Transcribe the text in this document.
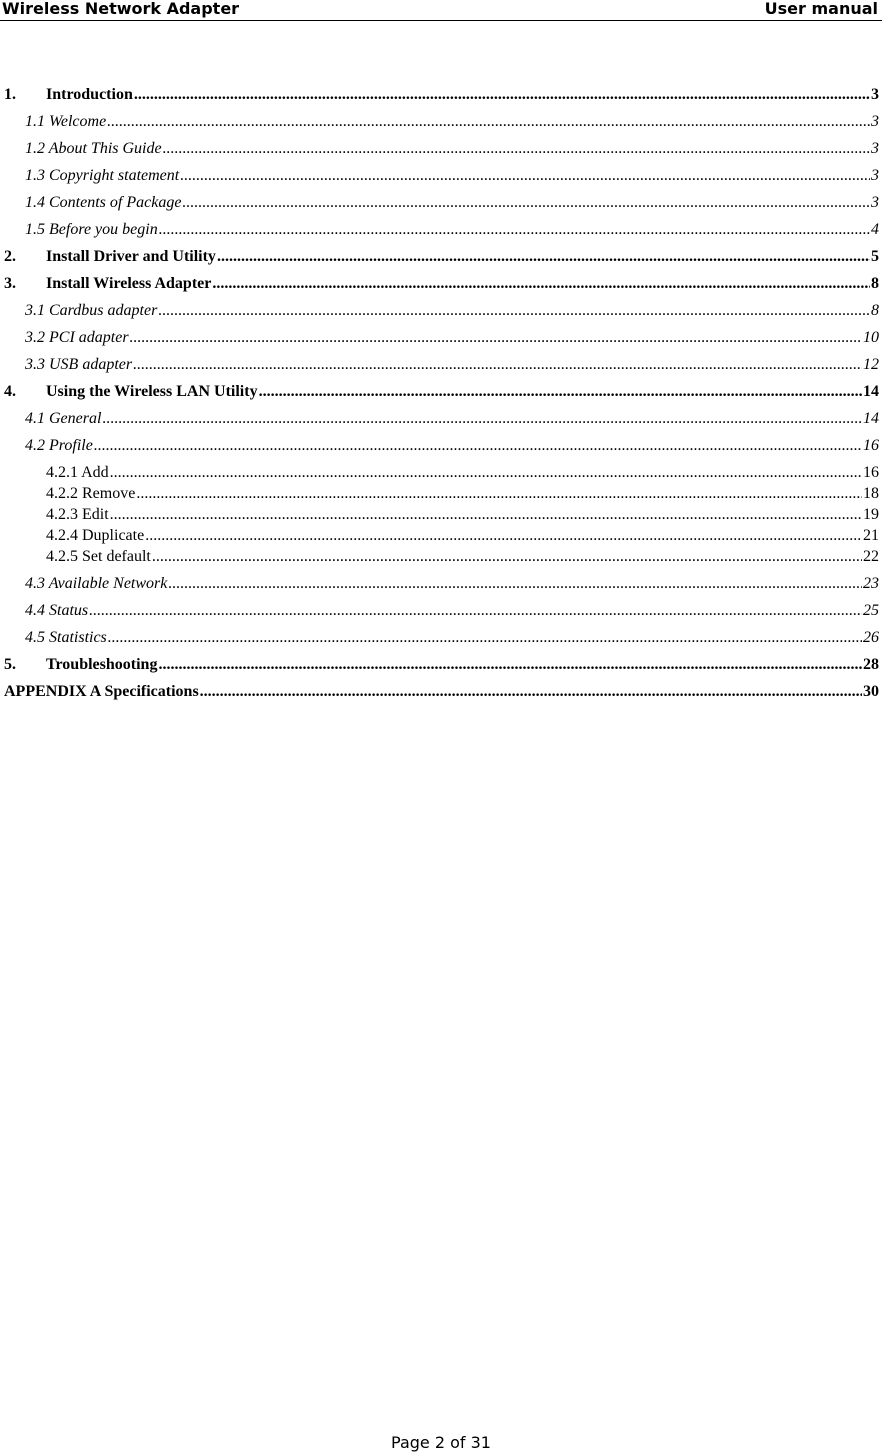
Wireless Network Adapter	User manual
1.	Introduction .....	3
1.1 Welcome .....	3
1.2 About This Guide .....	3
1.3 Copyright statement .....	3
1.4 Contents of Package .....	3
1.5 Before you begin .....	4
2.	Install Driver and Utility .....	5
3.	Install Wireless Adapter .....	8
3.1 Cardbus adapter .....	8
3.2 PCI adapter .....	10
3.3 USB adapter .....	12
4.	Using the Wireless LAN Utility .....	14
4.1 General .....	14
4.2 Profile .....	16
4.2.1 Add .....	16
4.2.2 Remove .....	18
4.2.3 Edit .....	19
4.2.4 Duplicate .....	21
4.2.5 Set default .....	22
4.3 Available Network .....	23
4.4 Status .....	25
4.5 Statistics .....	26
5.	Troubleshooting .....	28
APPENDIX A Specifications .....	30
Page 2 of 31
